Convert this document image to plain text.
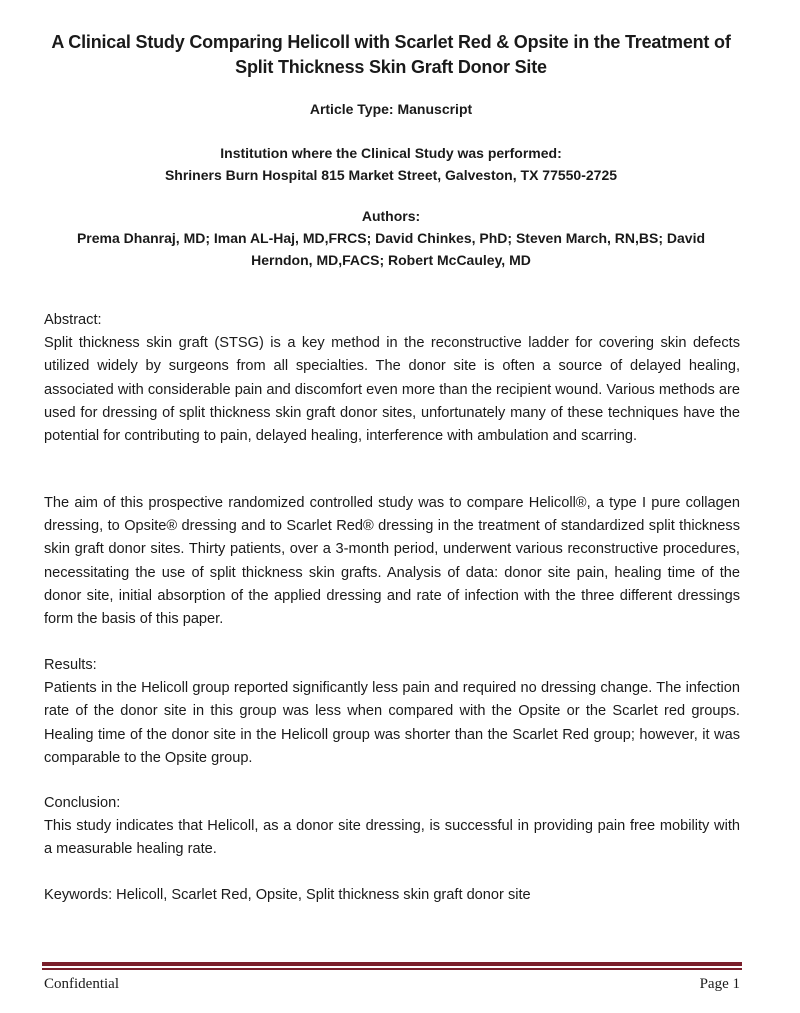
A Clinical Study Comparing Helicoll with Scarlet Red & Opsite in the Treatment of
Split Thickness Skin Graft Donor Site
Article Type: Manuscript
Institution where the Clinical Study was performed:
Shriners Burn Hospital 815 Market Street, Galveston, TX 77550-2725
Authors:
Prema Dhanraj, MD; Iman AL-Haj, MD,FRCS; David Chinkes, PhD; Steven March, RN,BS; David
Herndon, MD,FACS; Robert McCauley, MD
Abstract:
Split thickness skin graft (STSG) is a key method in the reconstructive ladder for covering skin defects utilized widely by surgeons from all specialties. The donor site is often a source of delayed healing, associated with considerable pain and discomfort even more than the recipient wound. Various methods are used for dressing of split thickness skin graft donor sites, unfortunately many of these techniques have the potential for contributing to pain, delayed healing, interference with ambulation and scarring.
The aim of this prospective randomized controlled study was to compare Helicoll®, a type I pure collagen dressing, to Opsite® dressing and to Scarlet Red® dressing in the treatment of standardized split thickness skin graft donor sites. Thirty patients, over a 3-month period, underwent various reconstructive procedures, necessitating the use of split thickness skin grafts. Analysis of data: donor site pain, healing time of the donor site, initial absorption of the applied dressing and rate of infection with the three different dressings form the basis of this paper.
Results:
Patients in the Helicoll group reported significantly less pain and required no dressing change. The infection rate of the donor site in this group was less when compared with the Opsite or the Scarlet red groups. Healing time of the donor site in the Helicoll group was shorter than the Scarlet Red group; however, it was comparable to the Opsite group.
Conclusion:
This study indicates that Helicoll, as a donor site dressing, is successful in providing pain free mobility with a measurable healing rate.
Keywords: Helicoll, Scarlet Red, Opsite, Split thickness skin graft donor site
Confidential	Page 1
